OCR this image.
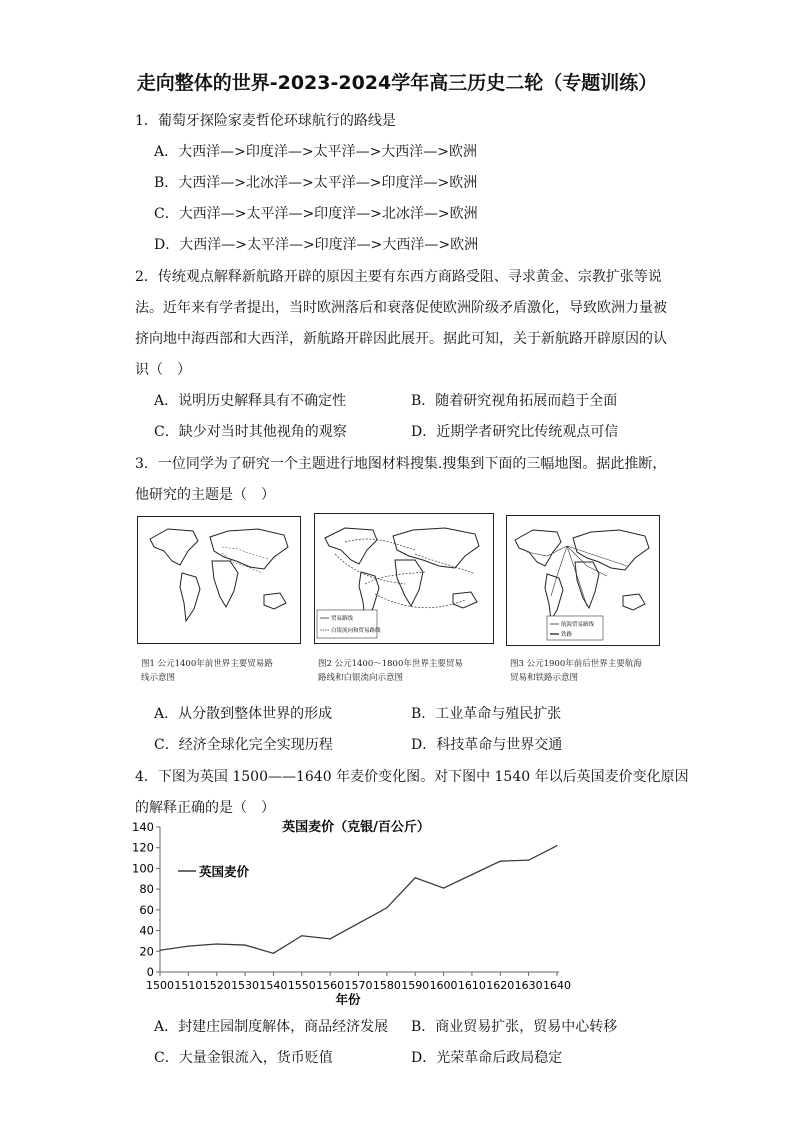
走向整体的世界-2023-2024学年高三历史二轮（专题训练）
1．葡萄牙探险家麦哲伦环球航行的路线是
A．大西洋—>印度洋—>太平洋—>大西洋—>欧洲
B．大西洋—>北冰洋—>太平洋—>印度洋—>欧洲
C．大西洋—>太平洋—>印度洋—>北冰洋—>欧洲
D．大西洋—>太平洋—>印度洋—>大西洋—>欧洲
2．传统观点解释新航路开辟的原因主要有东西方商路受阻、寻求黄金、宗教扩张等说
法。近年来有学者提出，当时欧洲落后和衰落促使欧洲阶级矛盾激化，导致欧洲力量被
挤向地中海西部和大西洋，新航路开辟因此展开。据此可知，关于新航路开辟原因的认
识（　）
A．说明历史解释具有不确定性	B．随着研究视角拓展而趋于全面
C．缺少对当时其他视角的观察	D．近期学者研究比传统观点可信
3．一位同学为了研究一个主题进行地图材料搜集.搜集到下面的三幅地图。据此推断，
他研究的主题是（　）
贸易路线
白银流向和贸易路线
航海贸易路线
铁路
图1 公元1400年前世界主要贸易路
线示意图
图2 公元1400～1800年世界主要贸易
路线和白银流向示意图
图3 公元1900年前后世界主要航海
贸易和铁路示意图
A．从分散到整体世界的形成	B．工业革命与殖民扩张
C．经济全球化完全实现历程	D．科技革命与世界交通
4．下图为英国 1500——1640 年麦价变化图。对下图中 1540 年以后英国麦价变化原因
的解释正确的是（　）
英国麦价（克银/百公斤）
英国麦价
0
20
40
60
80
100
120
140
1500 1510 1520 1530 1540 1550 1560 1570 1580 1590 1600 1610 1620 1630 1640
年份
A．封建庄园制度解体，商品经济发展 B．商业贸易扩张，贸易中心转移
C．大量金银流入，货币贬值	D．光荣革命后政局稳定
